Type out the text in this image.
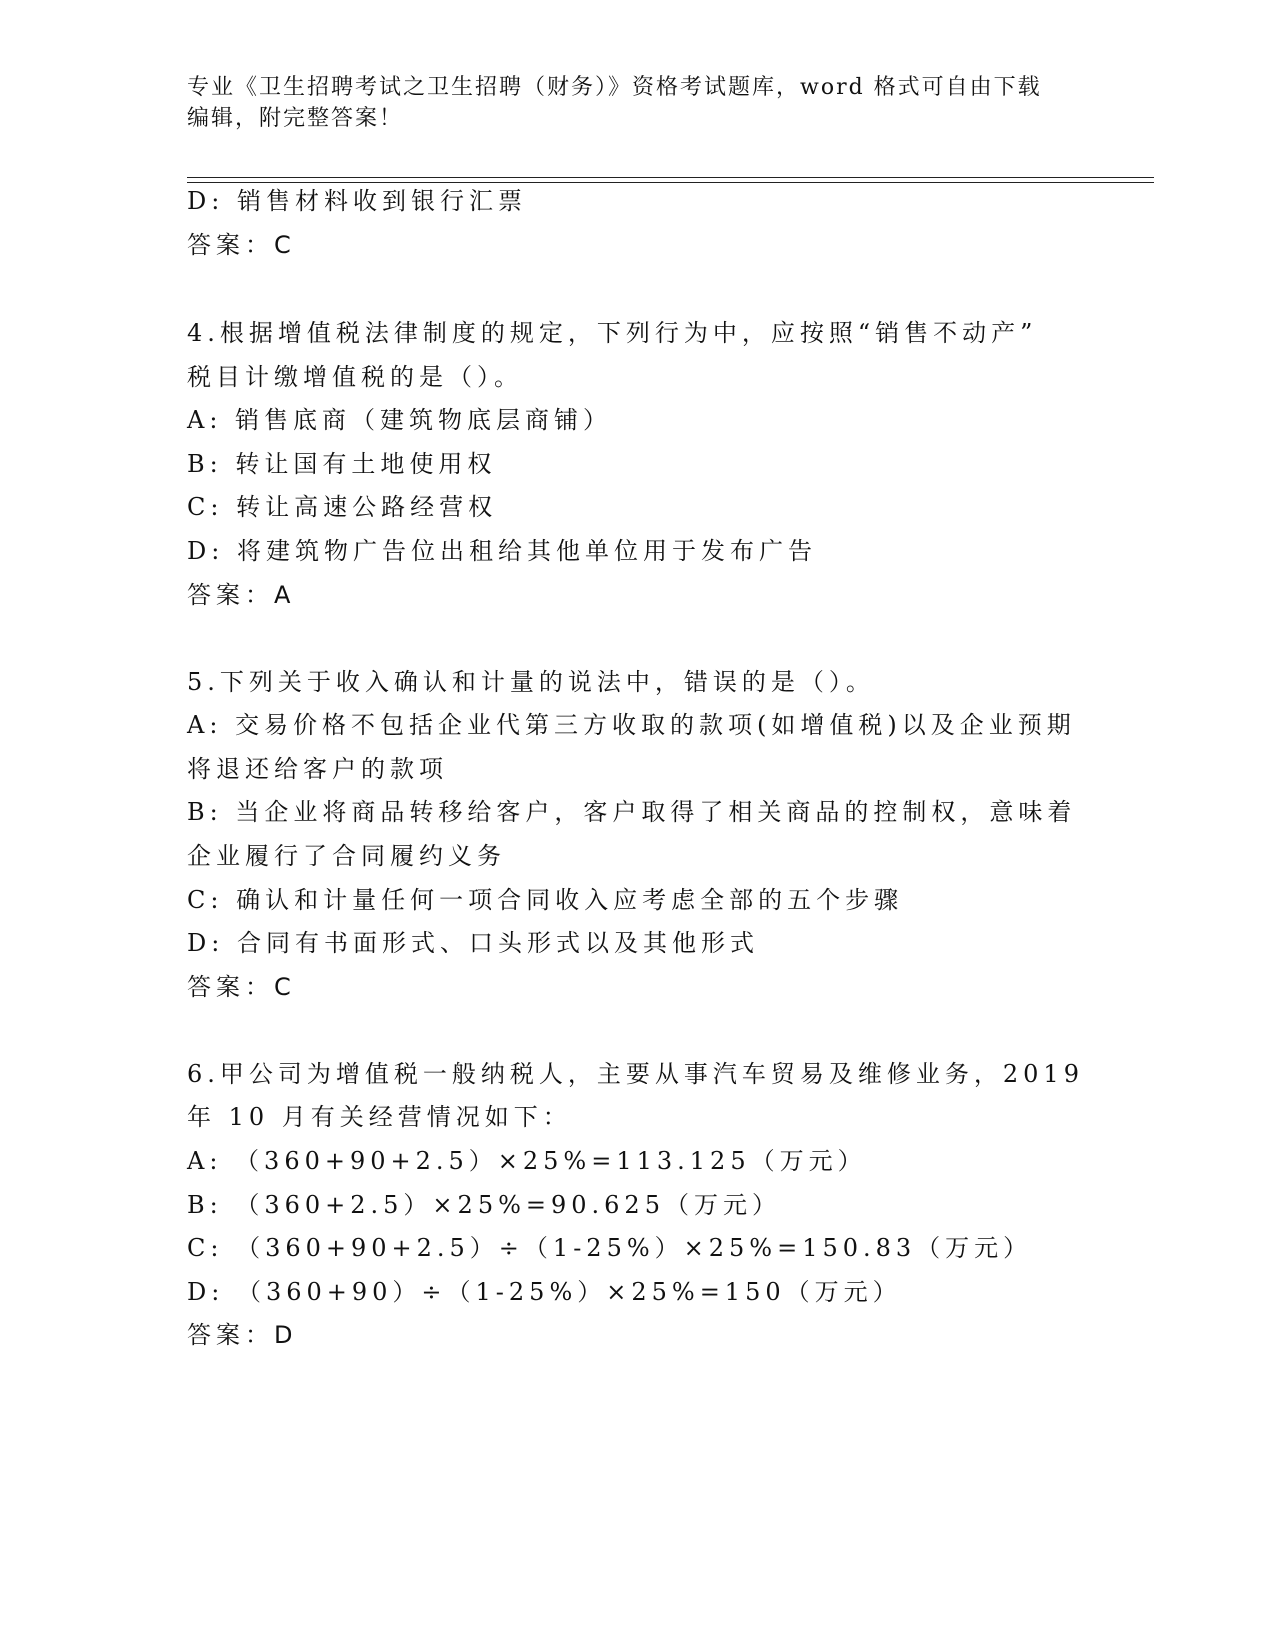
专业《卫生招聘考试之卫生招聘（财务）》资格考试题库，word 格式可自由下载
编辑，附完整答案！
D: 销售材料收到银行汇票
答案：C
4.根据增值税法律制度的规定，下列行为中，应按照“销售不动产”
税目计缴增值税的是（）。
A: 销售底商（建筑物底层商铺）
B: 转让国有土地使用权
C: 转让高速公路经营权
D: 将建筑物广告位出租给其他单位用于发布广告
答案：A
5.下列关于收入确认和计量的说法中，错误的是（）。
A: 交易价格不包括企业代第三方收取的款项(如增值税)以及企业预期
将退还给客户的款项
B: 当企业将商品转移给客户，客户取得了相关商品的控制权，意味着
企业履行了合同履约义务
C: 确认和计量任何一项合同收入应考虑全部的五个步骤
D: 合同有书面形式、口头形式以及其他形式
答案：C
6.甲公司为增值税一般纳税人，主要从事汽车贸易及维修业务，2019
年 10 月有关经营情况如下：
A: （360+90+2.5）×25%=113.125（万元）
B: （360+2.5）×25%=90.625（万元）
C: （360+90+2.5）÷（1-25%）×25%=150.83（万元）
D: （360+90）÷（1-25%）×25%=150（万元）
答案：D
